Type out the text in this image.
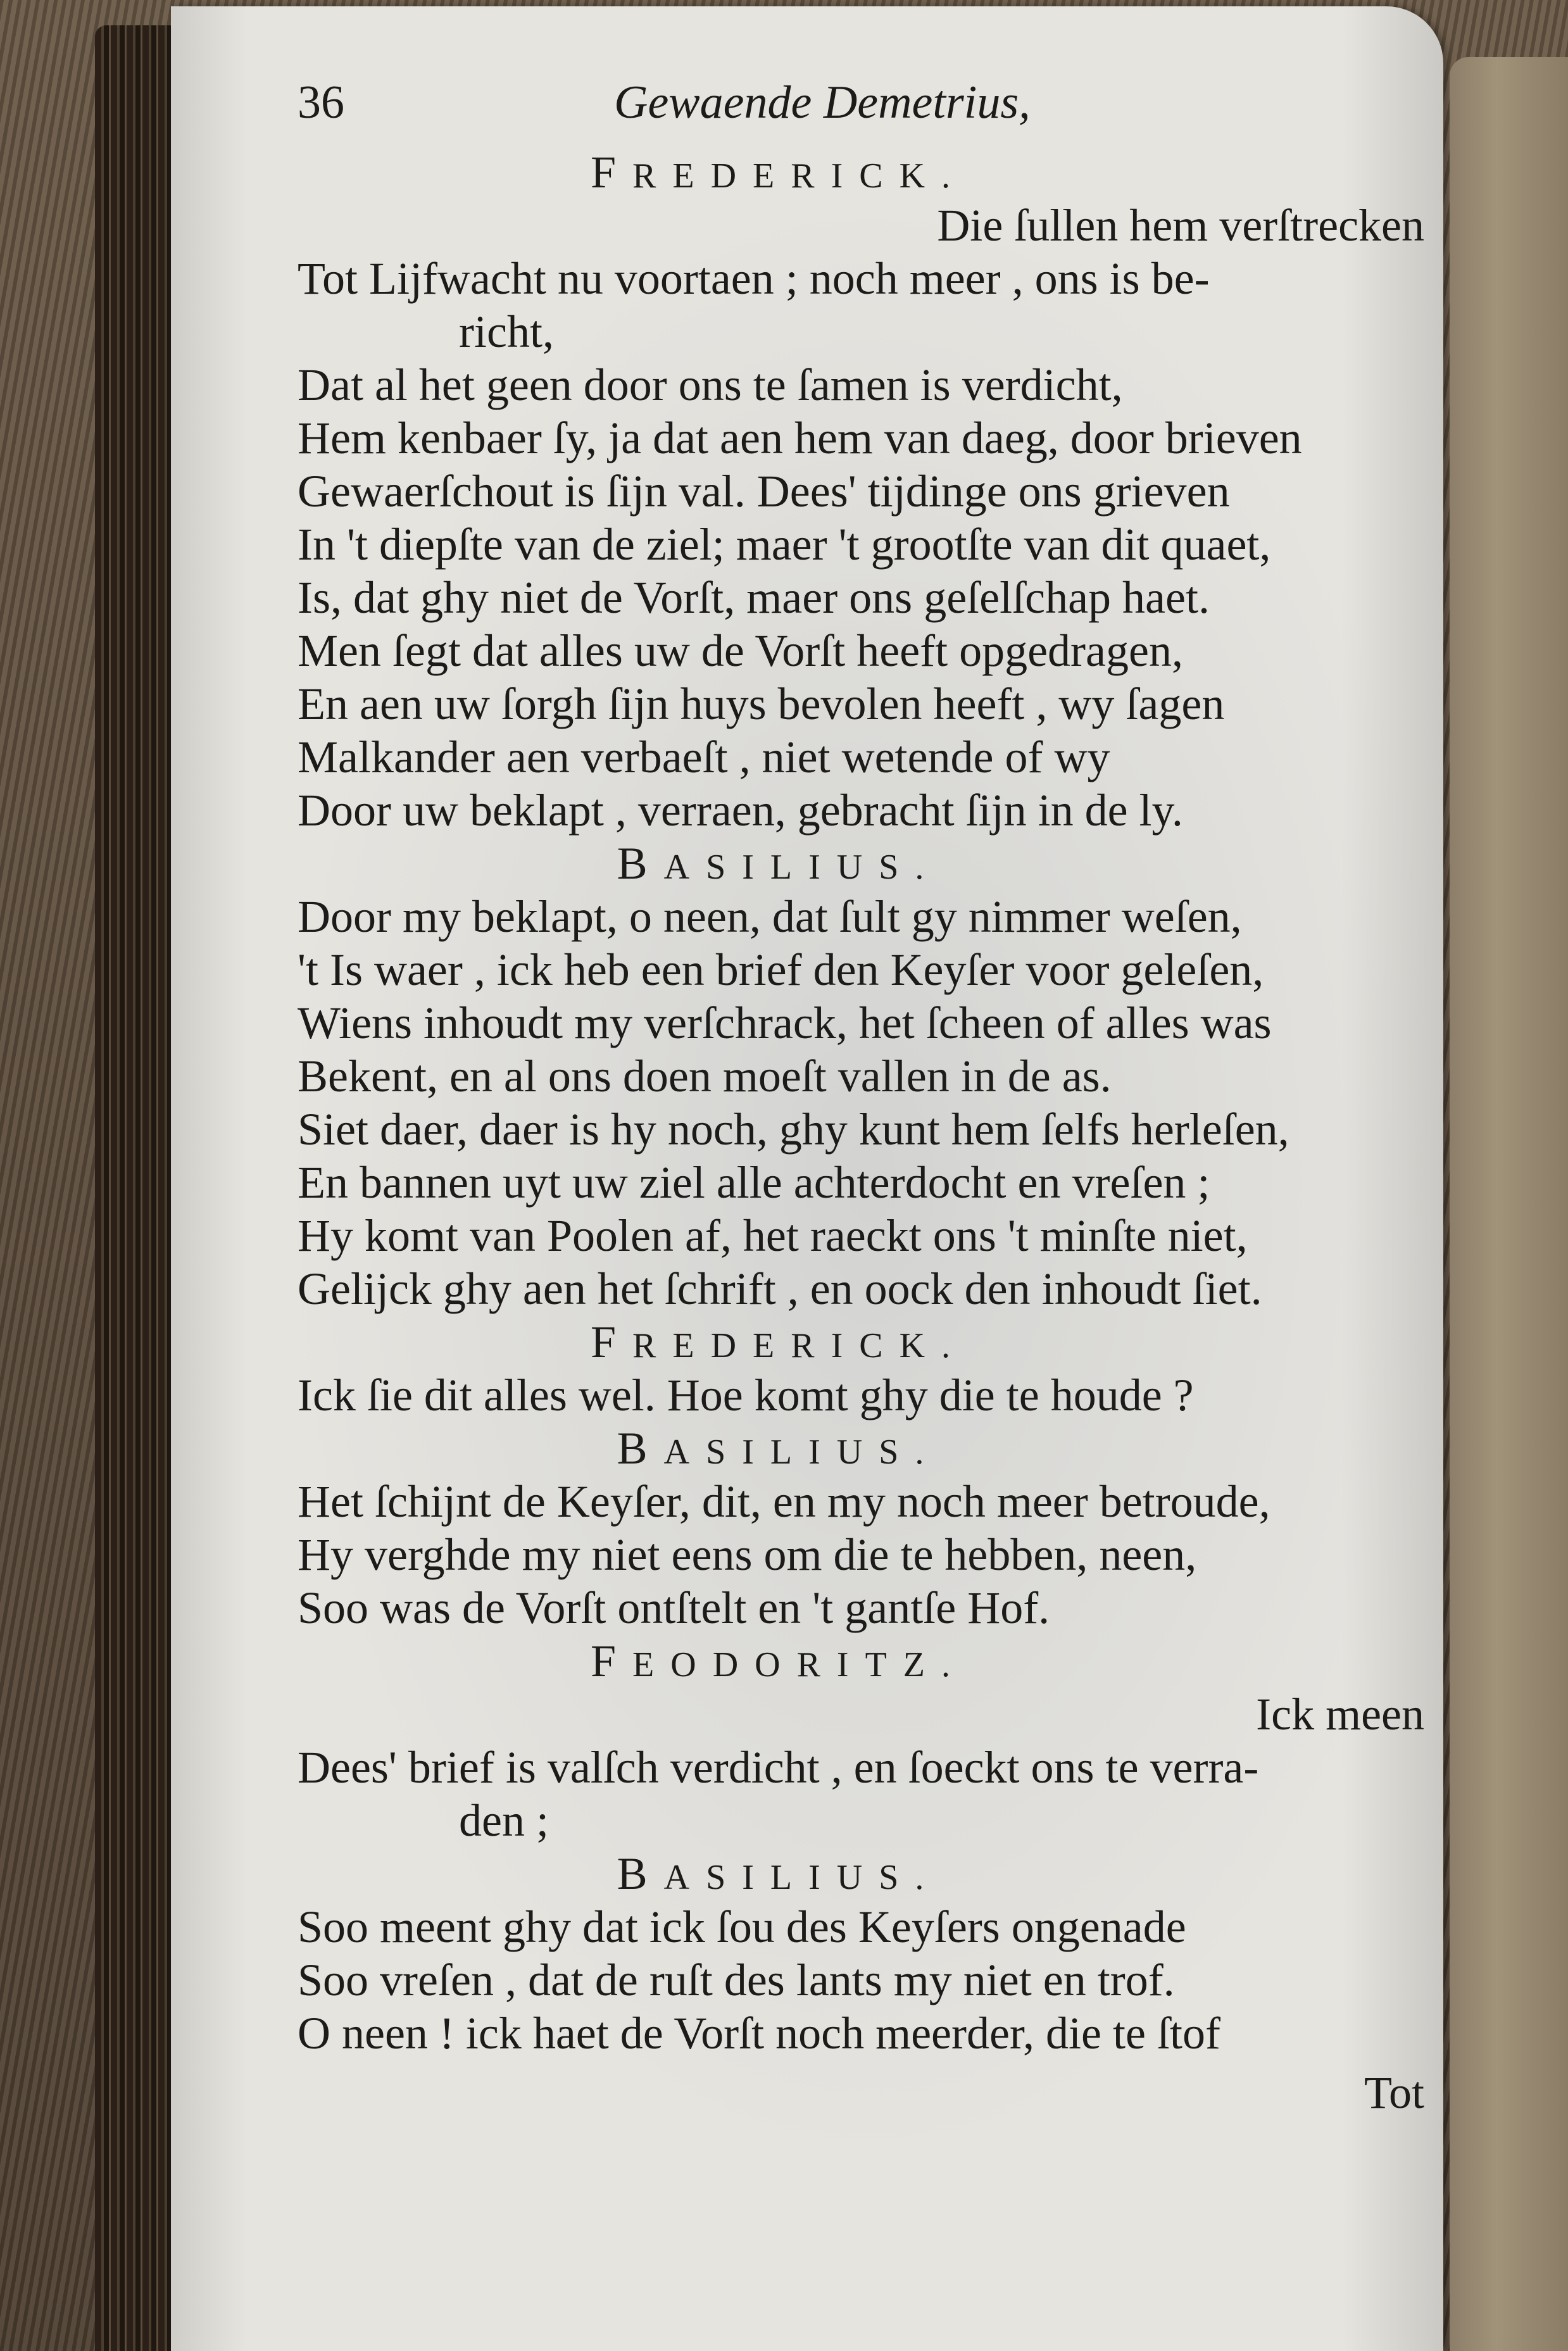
36	Gewaende Demetrius,
FREDERICK.
Die ſullen hem verſtrecken
Tot Lijfwacht nu voortaen ; noch meer , ons is be-
richt,
Dat al het geen door ons te ſamen is verdicht,
Hem kenbaer ſy, ja dat aen hem van daeg, door brieven
Gewaerſchout is ſijn val. Dees' tijdinge ons grieven
In 't diepſte van de ziel; maer 't grootſte van dit quaet,
Is, dat ghy niet de Vorſt, maer ons geſelſchap haet.
Men ſegt dat alles uw de Vorſt heeft opgedragen,
En aen uw ſorgh ſijn huys bevolen heeft , wy ſagen
Malkander aen verbaeſt , niet wetende of wy
Door uw beklapt , verraen, gebracht ſijn in de ly.
BASILIUS.
Door my beklapt, o neen, dat ſult gy nimmer weſen,
't Is waer , ick heb een brief den Keyſer voor geleſen,
Wiens inhoudt my verſchrack, het ſcheen of alles was
Bekent, en al ons doen moeſt vallen in de as.
Siet daer, daer is hy noch, ghy kunt hem ſelfs herleſen,
En bannen uyt uw ziel alle achterdocht en vreſen ;
Hy komt van Poolen af, het raeckt ons 't minſte niet,
Gelijck ghy aen het ſchrift , en oock den inhoudt ſiet.
FREDERICK.
Ick ſie dit alles wel. Hoe komt ghy die te houde ?
BASILIUS.
Het ſchijnt de Keyſer, dit, en my noch meer betroude,
Hy verghde my niet eens om die te hebben, neen,
Soo was de Vorſt ontſtelt en 't gantſe Hof.
FEODORITZ.
Ick meen
Dees' brief is valſch verdicht , en ſoeckt ons te verra-
den ;
BASILIUS.
Soo meent ghy dat ick ſou des Keyſers ongenade
Soo vreſen , dat de ruſt des lants my niet en trof.
O neen ! ick haet de Vorſt noch meerder, die te ſtof
Tot
